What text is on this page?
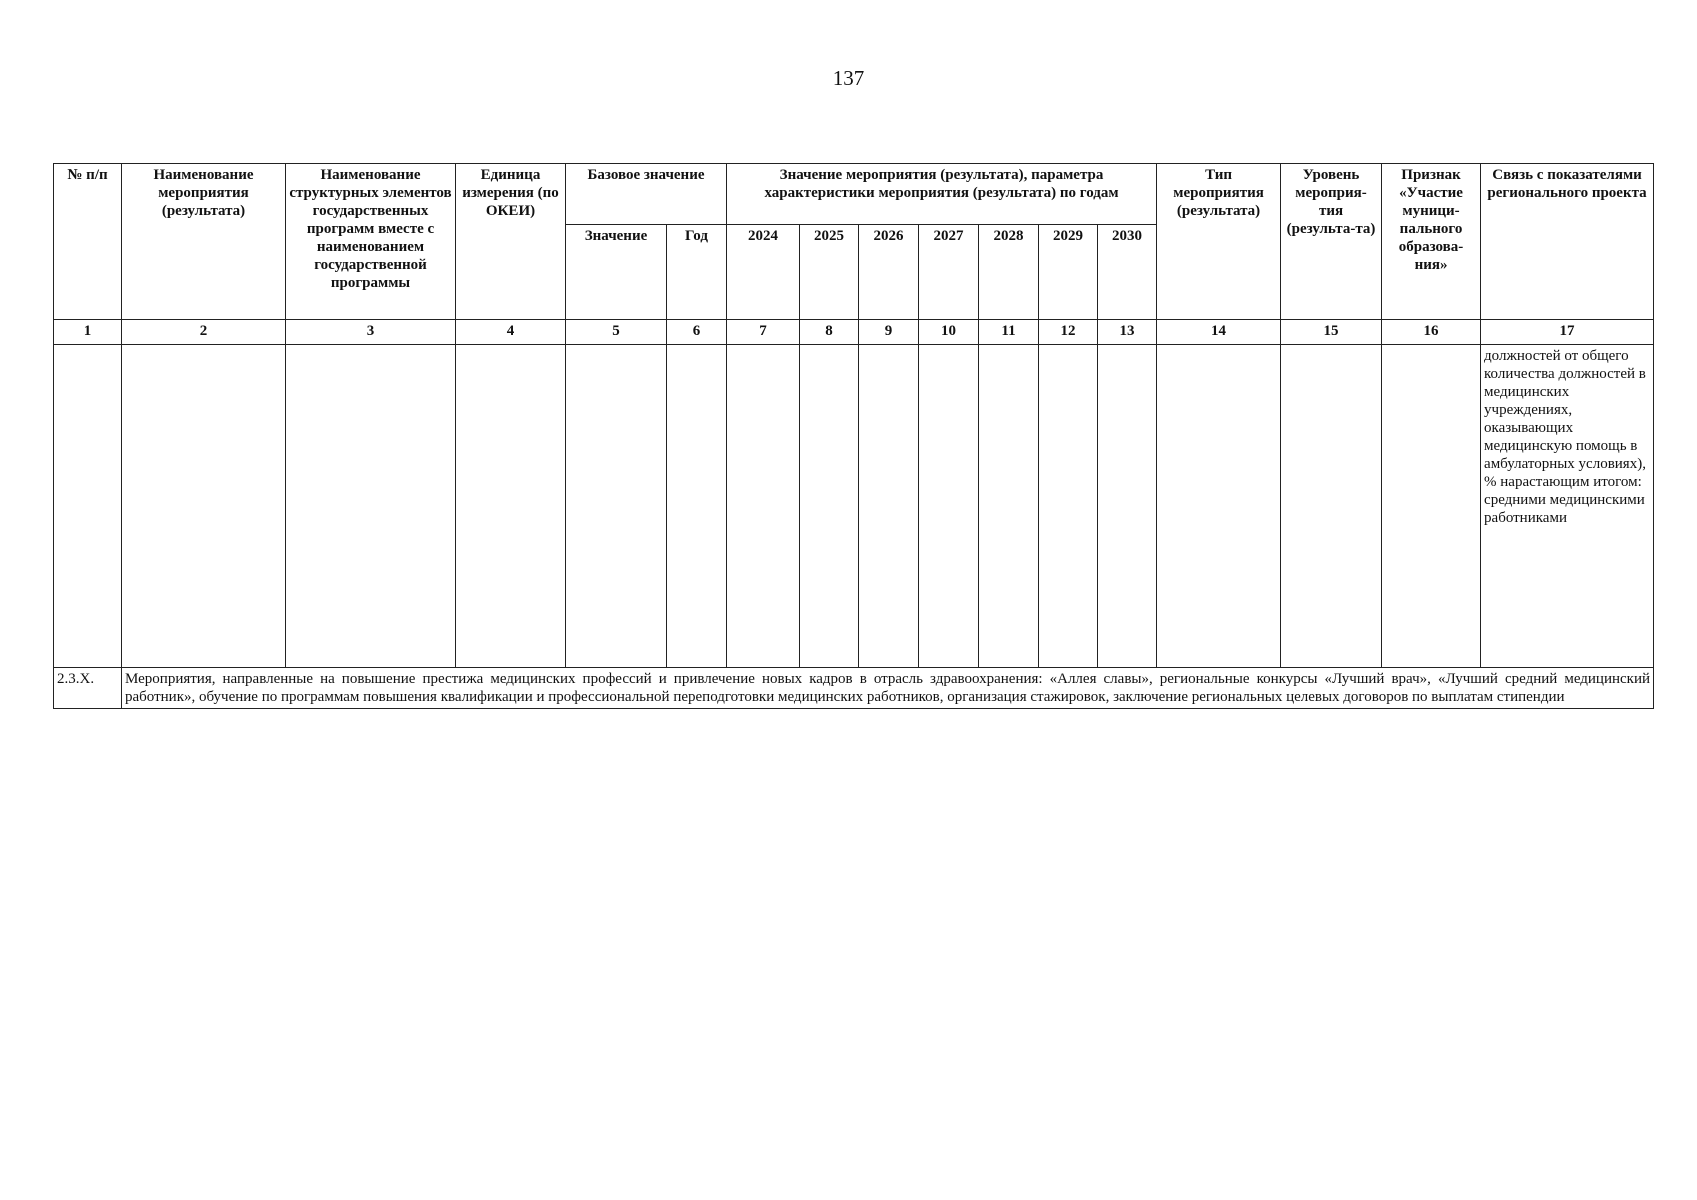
137
№ п/п	Наименование мероприятия (результата)	Наименование структурных элементов государственных программ вместе с наименованием государственной программы	Единица измерения (по ОКЕИ)	Базовое значение		Значение мероприятия (результата), параметра характеристики мероприятия (результата) по годам							Тип мероприятия (результата)	Уровень мероприя-тия (результа-та)	Признак «Участие муници-пального образова-ния»	Связь с показателями регионального проекта
				Значение	Год	2024	2025	2026	2027	2028	2029	2030				
1	2	3	4	5	6	7	8	9	10	11	12	13	14	15	16	17
																должностей от общего количества должностей в медицинских учреждениях, оказывающих медицинскую помощь в амбулаторных условиях), % нарастающим итогом: средними медицинскими работниками
2.3.Х.	Мероприятия, направленные на повышение престижа медицинских профессий и привлечение новых кадров в отрасль здравоохранения: «Аллея славы», региональные конкурсы «Лучший врач», «Лучший средний медицинский работник», обучение по программам повышения квалификации и профессиональной переподготовки медицинских работников, организация стажировок, заключение региональных целевых договоров по выплатам стипендии															
